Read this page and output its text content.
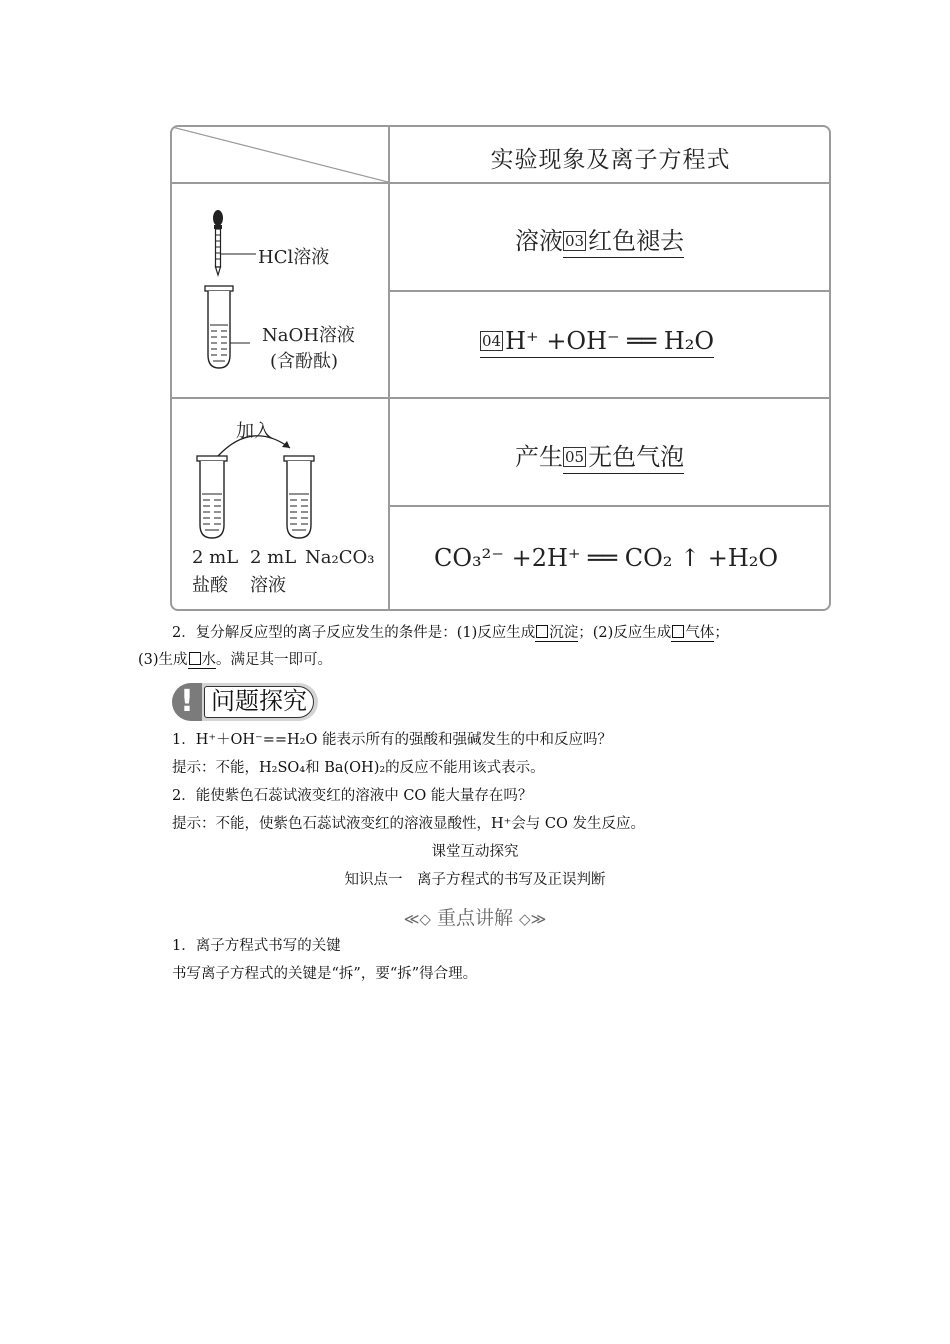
实验现象及离子方程式
HCl溶液
NaOH溶液
(含酚酞)
溶液 03 红色褪去
04 H⁺ +OH⁻ ══ H₂O
加入
2 mL
盐酸
2 mL
溶液
Na₂CO₃
产生 05 无色气泡
CO₃²⁻ +2H⁺ ══ CO₂ ↑ +H₂O
2．复分解反应型的离子反应发生的条件是：(1)反应生成 沉淀；(2)反应生成 气体；
(3)生成 水。满足其一即可。
! 问题探究
1．H⁺＋OH⁻==H₂O 能表示所有的强酸和强碱发生的中和反应吗？
提示：不能，H₂SO₄和 Ba(OH)₂的反应不能用该式表示。
2．能使紫色石蕊试液变红的溶液中 CO 能大量存在吗？
提示：不能，使紫色石蕊试液变红的溶液显酸性，H⁺会与 CO 发生反应。
课堂互动探究
知识点一　离子方程式的书写及正误判断
≪◇ 重点讲解 ◇≫
1．离子方程式书写的关键
书写离子方程式的关键是“拆”，要“拆”得合理。
